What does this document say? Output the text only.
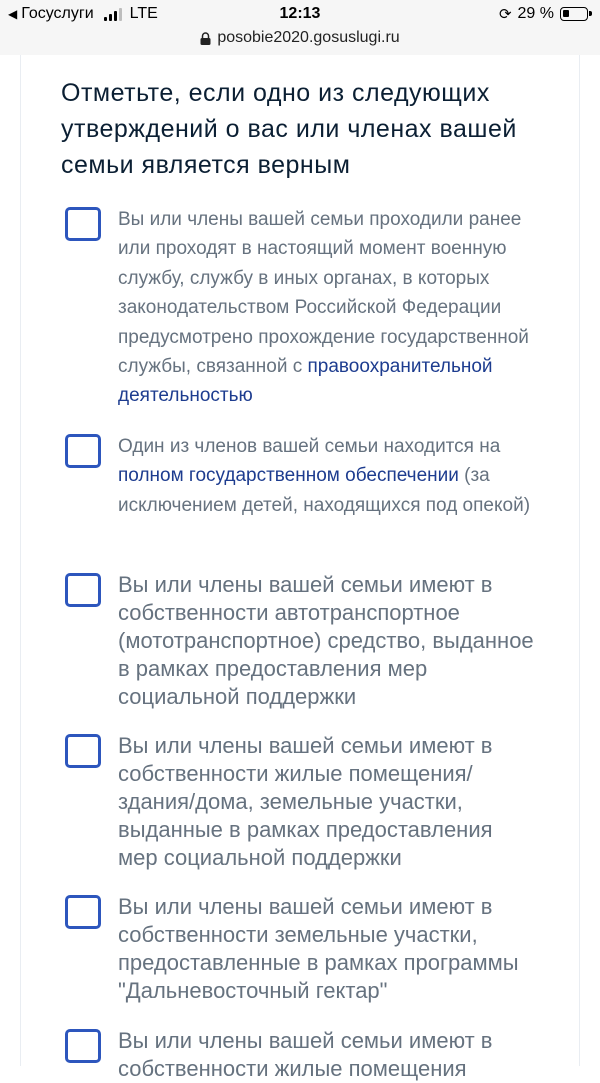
◀ Госуслуги LTE	12:13	⟳ 29 %
posobie2020.gosuslugi.ru
Отметьте, если одно из следующих утверждений о вас или членах вашей семьи является верным
Вы или члены вашей семьи проходили ранее или проходят в настоящий момент военную службу, службу в иных органах, в которых законодательством Российской Федерации предусмотрено прохождение государственной службы, связанной с правоохранительной деятельностью
Один из членов вашей семьи находится на полном государственном обеспечении (за исключением детей, находящихся под опекой)
Вы или члены вашей семьи имеют в собственности автотранспортное (мототранспортное) средство, выданное в рамках предоставления мер социальной поддержки
Вы или члены вашей семьи имеют в собственности жилые помещения/здания/дома, земельные участки, выданные в рамках предоставления мер социальной поддержки
Вы или члены вашей семьи имеют в собственности земельные участки, предоставленные в рамках программы "Дальневосточный гектар"
Вы или члены вашей семьи имеют в собственности жилые помещения
